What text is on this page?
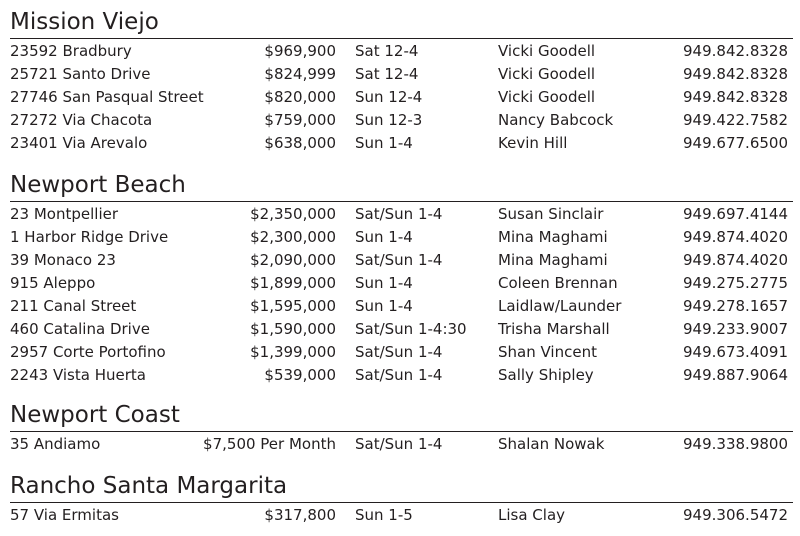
Mission Viejo
23592 Bradbury	$969,900 Sat 12-4	Vicki Goodell	949.842.8328
25721 Santo Drive	$824,999 Sat 12-4	Vicki Goodell	949.842.8328
27746 San Pasqual Street	$820,000 Sun 12-4	Vicki Goodell	949.842.8328
27272 Via Chacota	$759,000 Sun 12-3	Nancy Babcock	949.422.7582
23401 Via Arevalo	$638,000 Sun 1-4	Kevin Hill	949.677.6500
Newport Beach
23 Montpellier	$2,350,000 Sat/Sun 1-4	Susan Sinclair	949.697.4144
1 Harbor Ridge Drive	$2,300,000 Sun 1-4	Mina Maghami	949.874.4020
39 Monaco 23	$2,090,000 Sat/Sun 1-4	Mina Maghami	949.874.4020
915 Aleppo	$1,899,000 Sun 1-4	Coleen Brennan	949.275.2775
211 Canal Street	$1,595,000 Sun 1-4	Laidlaw/Launder	949.278.1657
460 Catalina Drive	$1,590,000 Sat/Sun 1-4:30 Trisha Marshall	949.233.9007
2957 Corte Portofino	$1,399,000 Sat/Sun 1-4	Shan Vincent	949.673.4091
2243 Vista Huerta	$539,000 Sat/Sun 1-4	Sally Shipley	949.887.9064
Newport Coast
35 Andiamo	$7,500 Per Month Sat/Sun 1-4	Shalan Nowak	949.338.9800
Rancho Santa Margarita
57 Via Ermitas	$317,800 Sun 1-5	Lisa Clay	949.306.5472
